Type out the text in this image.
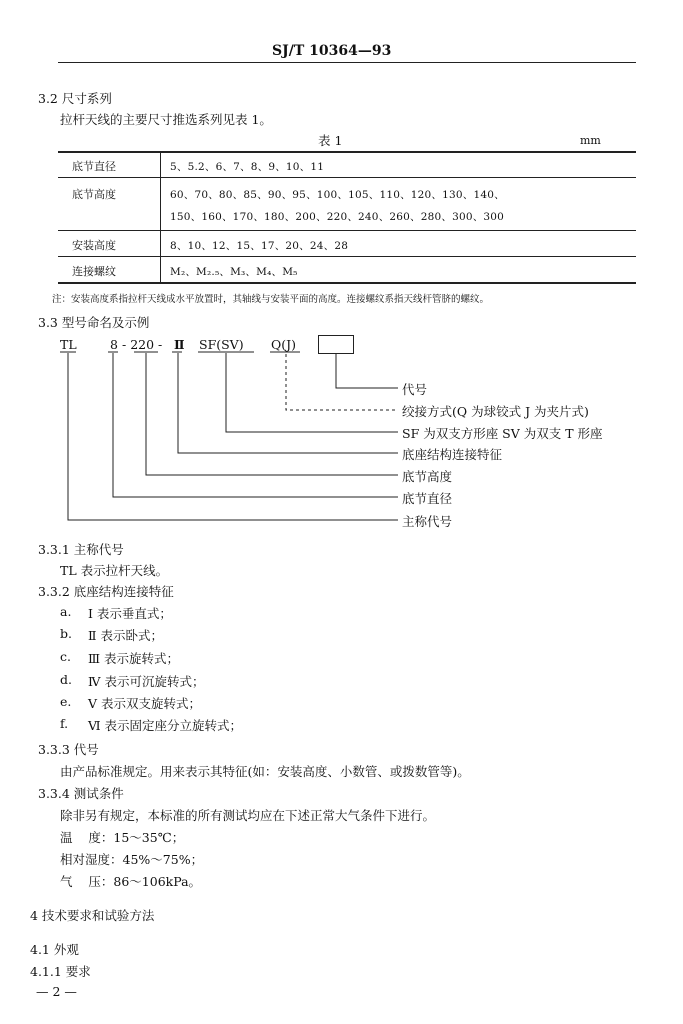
SJ/T 10364—93
3.2 尺寸系列
拉杆天线的主要尺寸推选系列见表 1。
表 1	mm
底节直径	5、5.2、6、7、8、9、10、11
底节高度	60、70、80、85、90、95、100、105、110、120、130、140、
150、160、170、180、200、220、240、260、280、300、300
安装高度	8、10、12、15、17、20、24、28
连接螺纹	M₂、M₂.₅、M₃、M₄、M₅
注：安装高度系指拉杆天线成水平放置时，其轴线与安装平面的高度。连接螺纹系指天线杆管脐的螺纹。
3.3 型号命名及示例
TL	8 - 220 - Ⅱ SF(SV) Q(J)
代号
绞接方式(Q 为球铰式 J 为夹片式)
SF 为双支方形座 SV 为双支 T 形座
底座结构连接特征
底节高度
底节直径
主称代号
3.3.1 主称代号
TL 表示拉杆天线。
3.3.2 底座结构连接特征
a. Ⅰ 表示垂直式；
b. Ⅱ 表示卧式；
c. Ⅲ 表示旋转式；
d. Ⅳ 表示可沉旋转式；
e. Ⅴ 表示双支旋转式；
f. Ⅵ 表示固定座分立旋转式；
3.3.3 代号
由产品标准规定。用来表示其特征(如：安装高度、小数管、或拨数管等)。
3.3.4 测试条件
除非另有规定，本标准的所有测试均应在下述正常大气条件下进行。
温    度：15～35℃；
相对湿度：45%～75%；
气    压：86～106kPa。
4 技术要求和试验方法
4.1 外观
4.1.1 要求
— 2 —
